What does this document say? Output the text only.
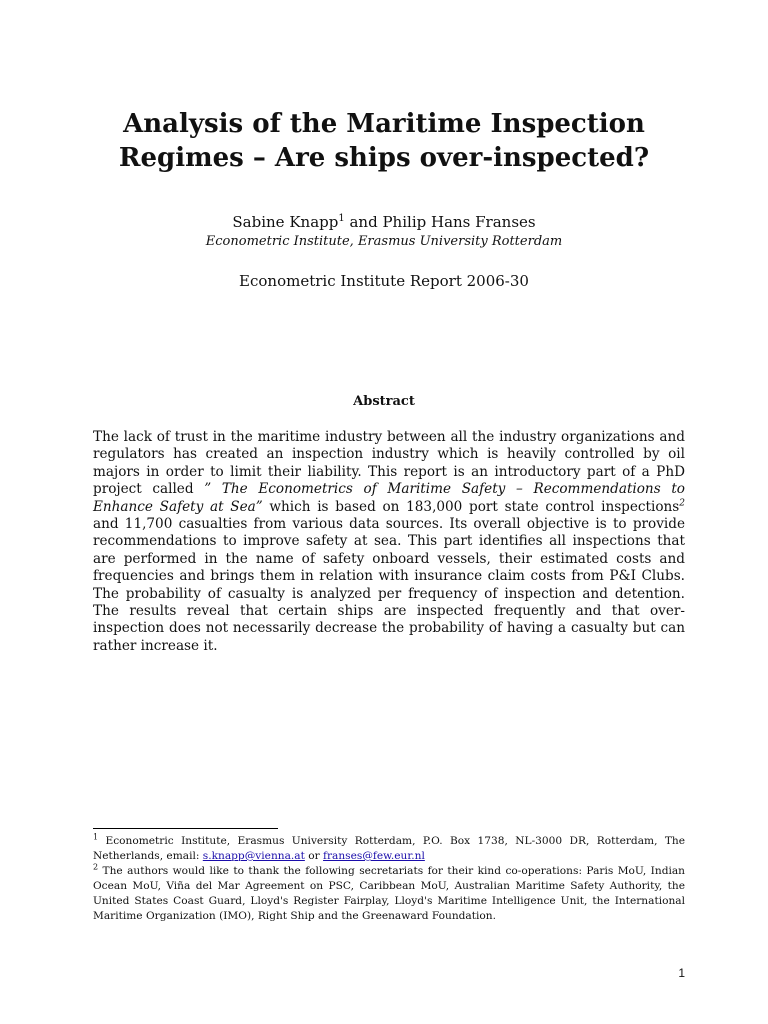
Analysis of the Maritime Inspection
Regimes – Are ships over-inspected?
Sabine Knapp$^1$ and Philip Hans Franses
Econometric Institute, Erasmus University Rotterdam
Econometric Institute Report 2006-30
Abstract
The lack of trust in the maritime industry between all the industry organizations and regulators has created an inspection industry which is heavily controlled by oil majors in order to limit their liability. This report is an introductory part of a PhD project called ” The Econometrics of Maritime Safety – Recommendations to Enhance Safety at Sea” which is based on 183,000 port state control inspections$^2$ and 11,700 casualties from various data sources. Its overall objective is to provide recommendations to improve safety at sea. This part identifies all inspections that are performed in the name of safety onboard vessels, their estimated costs and frequencies and brings them in relation with insurance claim costs from P&I Clubs. The probability of casualty is analyzed per frequency of inspection and detention. The results reveal that certain ships are inspected frequently and that over-inspection does not necessarily decrease the probability of having a casualty but can rather increase it.

$^1$ Econometric Institute, Erasmus University Rotterdam, P.O. Box 1738, NL-3000 DR, Rotterdam, The Netherlands, email: s.knapp@vienna.at or franses@few.eur.nl

$^2$ The authors would like to thank the following secretariats for their kind co-operations: Paris MoU, Indian Ocean MoU, Viña del Mar Agreement on PSC, Caribbean MoU, Australian Maritime Safety Authority, the United States Coast Guard, Lloyd's Register Fairplay, Lloyd's Maritime Intelligence Unit, the International Maritime Organization (IMO), Right Ship and the Greenaward Foundation.

1
